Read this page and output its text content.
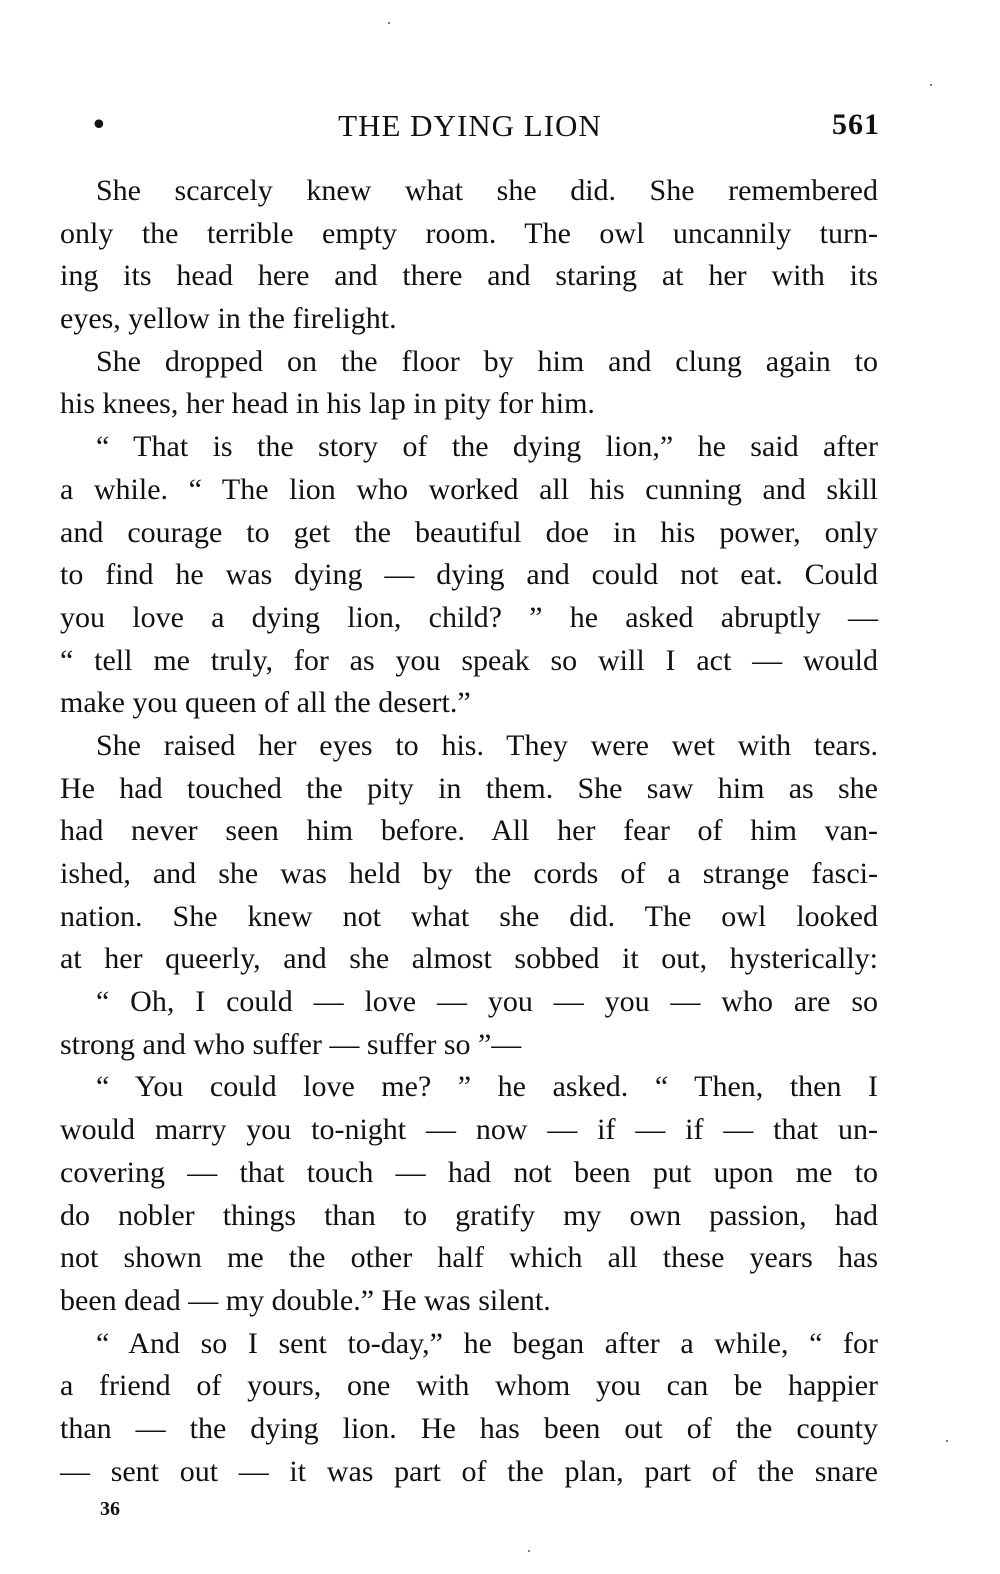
•	THE DYING LION	561
She scarcely knew what she did. She remembered
only the terrible empty room. The owl uncannily turn-
ing its head here and there and staring at her with its
eyes, yellow in the firelight.
She dropped on the floor by him and clung again to
his knees, her head in his lap in pity for him.
“ That is the story of the dying lion,” he said after
a while. “ The lion who worked all his cunning and skill
and courage to get the beautiful doe in his power, only
to find he was dying — dying and could not eat. Could
you love a dying lion, child? ” he asked abruptly —
“ tell me truly, for as you speak so will I act — would
make you queen of all the desert.”
She raised her eyes to his. They were wet with tears.
He had touched the pity in them. She saw him as she
had never seen him before. All her fear of him van-
ished, and she was held by the cords of a strange fasci-
nation. She knew not what she did. The owl looked
at her queerly, and she almost sobbed it out, hysterically:
“ Oh, I could — love — you — you — who are so
strong and who suffer — suffer so ”—
“ You could love me? ” he asked. “ Then, then I
would marry you to-night — now — if — if — that un-
covering — that touch — had not been put upon me to
do nobler things than to gratify my own passion, had
not shown me the other half which all these years has
been dead — my double.” He was silent.
“ And so I sent to-day,” he began after a while, “ for
a friend of yours, one with whom you can be happier
than — the dying lion. He has been out of the county
— sent out — it was part of the plan, part of the snare
36
